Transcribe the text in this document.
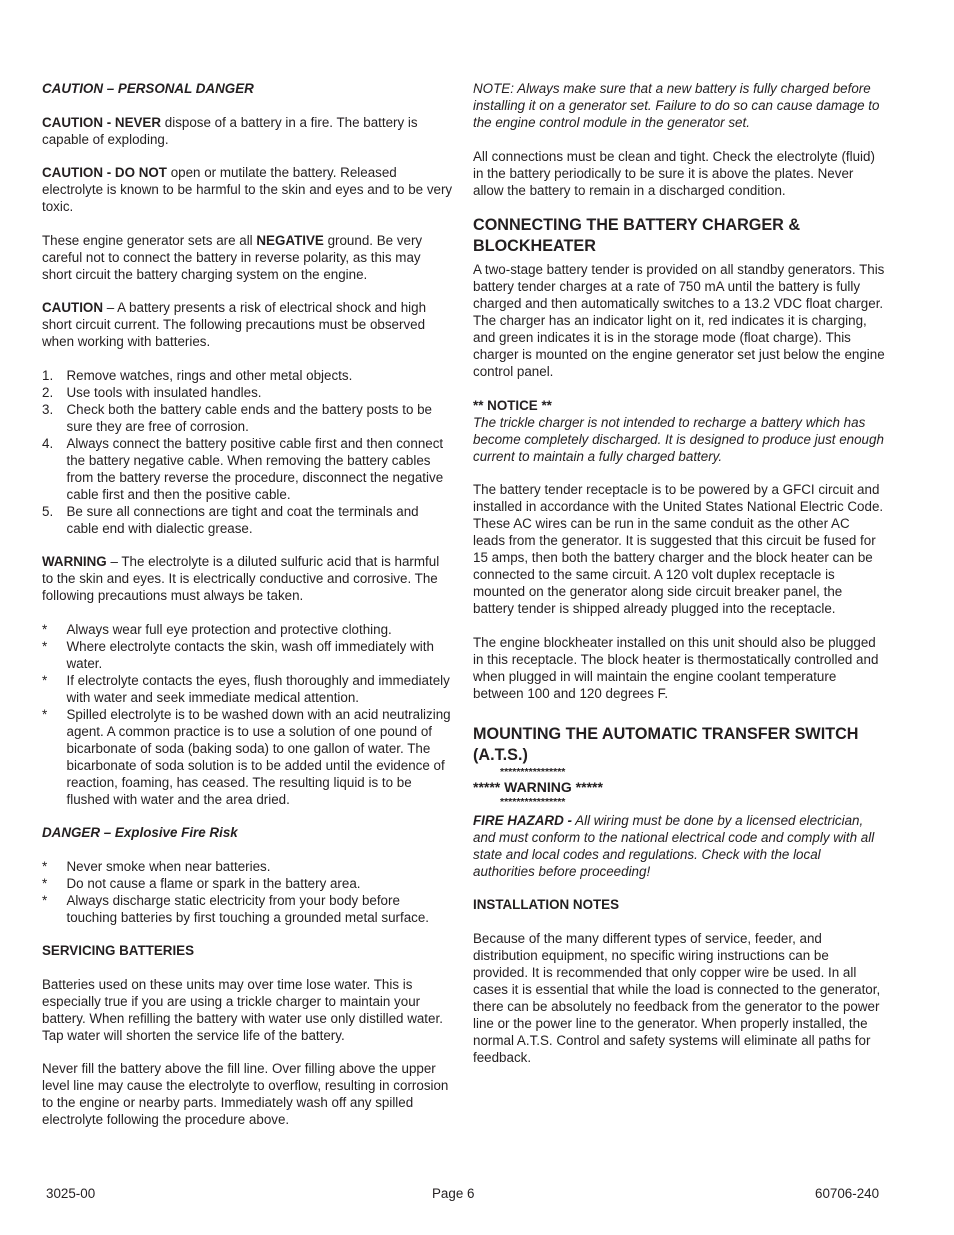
CAUTION – PERSONAL DANGER

CAUTION - NEVER dispose of a battery in a fire. The battery is capable of exploding.

CAUTION - DO NOT open or mutilate the battery. Released electrolyte is known to be harmful to the skin and eyes and to be very toxic.

These engine generator sets are all NEGATIVE ground. Be very careful not to connect the battery in reverse polarity, as this may short circuit the battery charging system on the engine.

CAUTION – A battery presents a risk of electrical shock and high short circuit current. The following precautions must be observed when working with batteries.

1. Remove watches, rings and other metal objects.
2. Use tools with insulated handles.
3. Check both the battery cable ends and the battery posts to be sure they are free of corrosion.
4. Always connect the battery positive cable first and then connect the battery negative cable. When removing the battery cables from the battery reverse the procedure, disconnect the negative cable first and then the positive cable.
5. Be sure all connections are tight and coat the terminals and cable end with dialectic grease.

WARNING – The electrolyte is a diluted sulfuric acid that is harmful to the skin and eyes. It is electrically conductive and corrosive. The following precautions must always be taken.

* Always wear full eye protection and protective clothing.
* Where electrolyte contacts the skin, wash off immediately with water.
* If electrolyte contacts the eyes, flush thoroughly and immediately with water and seek immediate medical attention.
* Spilled electrolyte is to be washed down with an acid neutralizing agent. A common practice is to use a solution of one pound of bicarbonate of soda (baking soda) to one gallon of water. The bicarbonate of soda solution is to be added until the evidence of reaction, foaming, has ceased. The resulting liquid is to be flushed with water and the area dried.

DANGER – Explosive Fire Risk

* Never smoke when near batteries.
* Do not cause a flame or spark in the battery area.
* Always discharge static electricity from your body before touching batteries by first touching a grounded metal surface.

SERVICING BATTERIES

Batteries used on these units may over time lose water. This is especially true if you are using a trickle charger to maintain your battery. When refilling the battery with water use only distilled water. Tap water will shorten the service life of the battery.

Never fill the battery above the fill line. Over filling above the upper level line may cause the electrolyte to overflow, resulting in corrosion to the engine or nearby parts. Immediately wash off any spilled electrolyte following the procedure above.

NOTE: Always make sure that a new battery is fully charged before installing it on a generator set. Failure to do so can cause damage to the engine control module in the generator set.

All connections must be clean and tight. Check the electrolyte (fluid) in the battery periodically to be sure it is above the plates. Never allow the battery to remain in a discharged condition.

CONNECTING THE BATTERY CHARGER & BLOCKHEATER

A two-stage battery tender is provided on all standby generators. This battery tender charges at a rate of 750 mA until the battery is fully charged and then automatically switches to a 13.2 VDC float charger. The charger has an indicator light on it, red indicates it is charging, and green indicates it is in the storage mode (float charge). This charger is mounted on the engine generator set just below the engine control panel.

** NOTICE **

The trickle charger is not intended to recharge a battery which has become completely discharged. It is designed to produce just enough current to maintain a fully charged battery.

The battery tender receptacle is to be powered by a GFCI circuit and installed in accordance with the United States National Electric Code. These AC wires can be run in the same conduit as the other AC leads from the generator. It is suggested that this circuit be fused for 15 amps, then both the battery charger and the block heater can be connected to the same circuit. A 120 volt duplex receptacle is mounted on the generator along side circuit breaker panel, the battery tender is shipped already plugged into the receptacle.

The engine blockheater installed on this unit should also be plugged in this receptacle. The block heater is thermostatically controlled and when plugged in will maintain the engine coolant temperature between 100 and 120 degrees F.

MOUNTING THE AUTOMATIC TRANSFER SWITCH (A.T.S.)
****************
***** WARNING *****
****************

FIRE HAZARD - All wiring must be done by a licensed electrician, and must conform to the national electrical code and comply with all state and local codes and regulations. Check with the local authorities before proceeding!

INSTALLATION NOTES

Because of the many different types of service, feeder, and distribution equipment, no specific wiring instructions can be provided. It is recommended that only copper wire be used. In all cases it is essential that while the load is connected to the generator, there can be absolutely no feedback from the generator to the power line or the power line to the generator. When properly installed, the normal A.T.S. Control and safety systems will eliminate all paths for feedback.

3025-00	Page 6	60706-240
